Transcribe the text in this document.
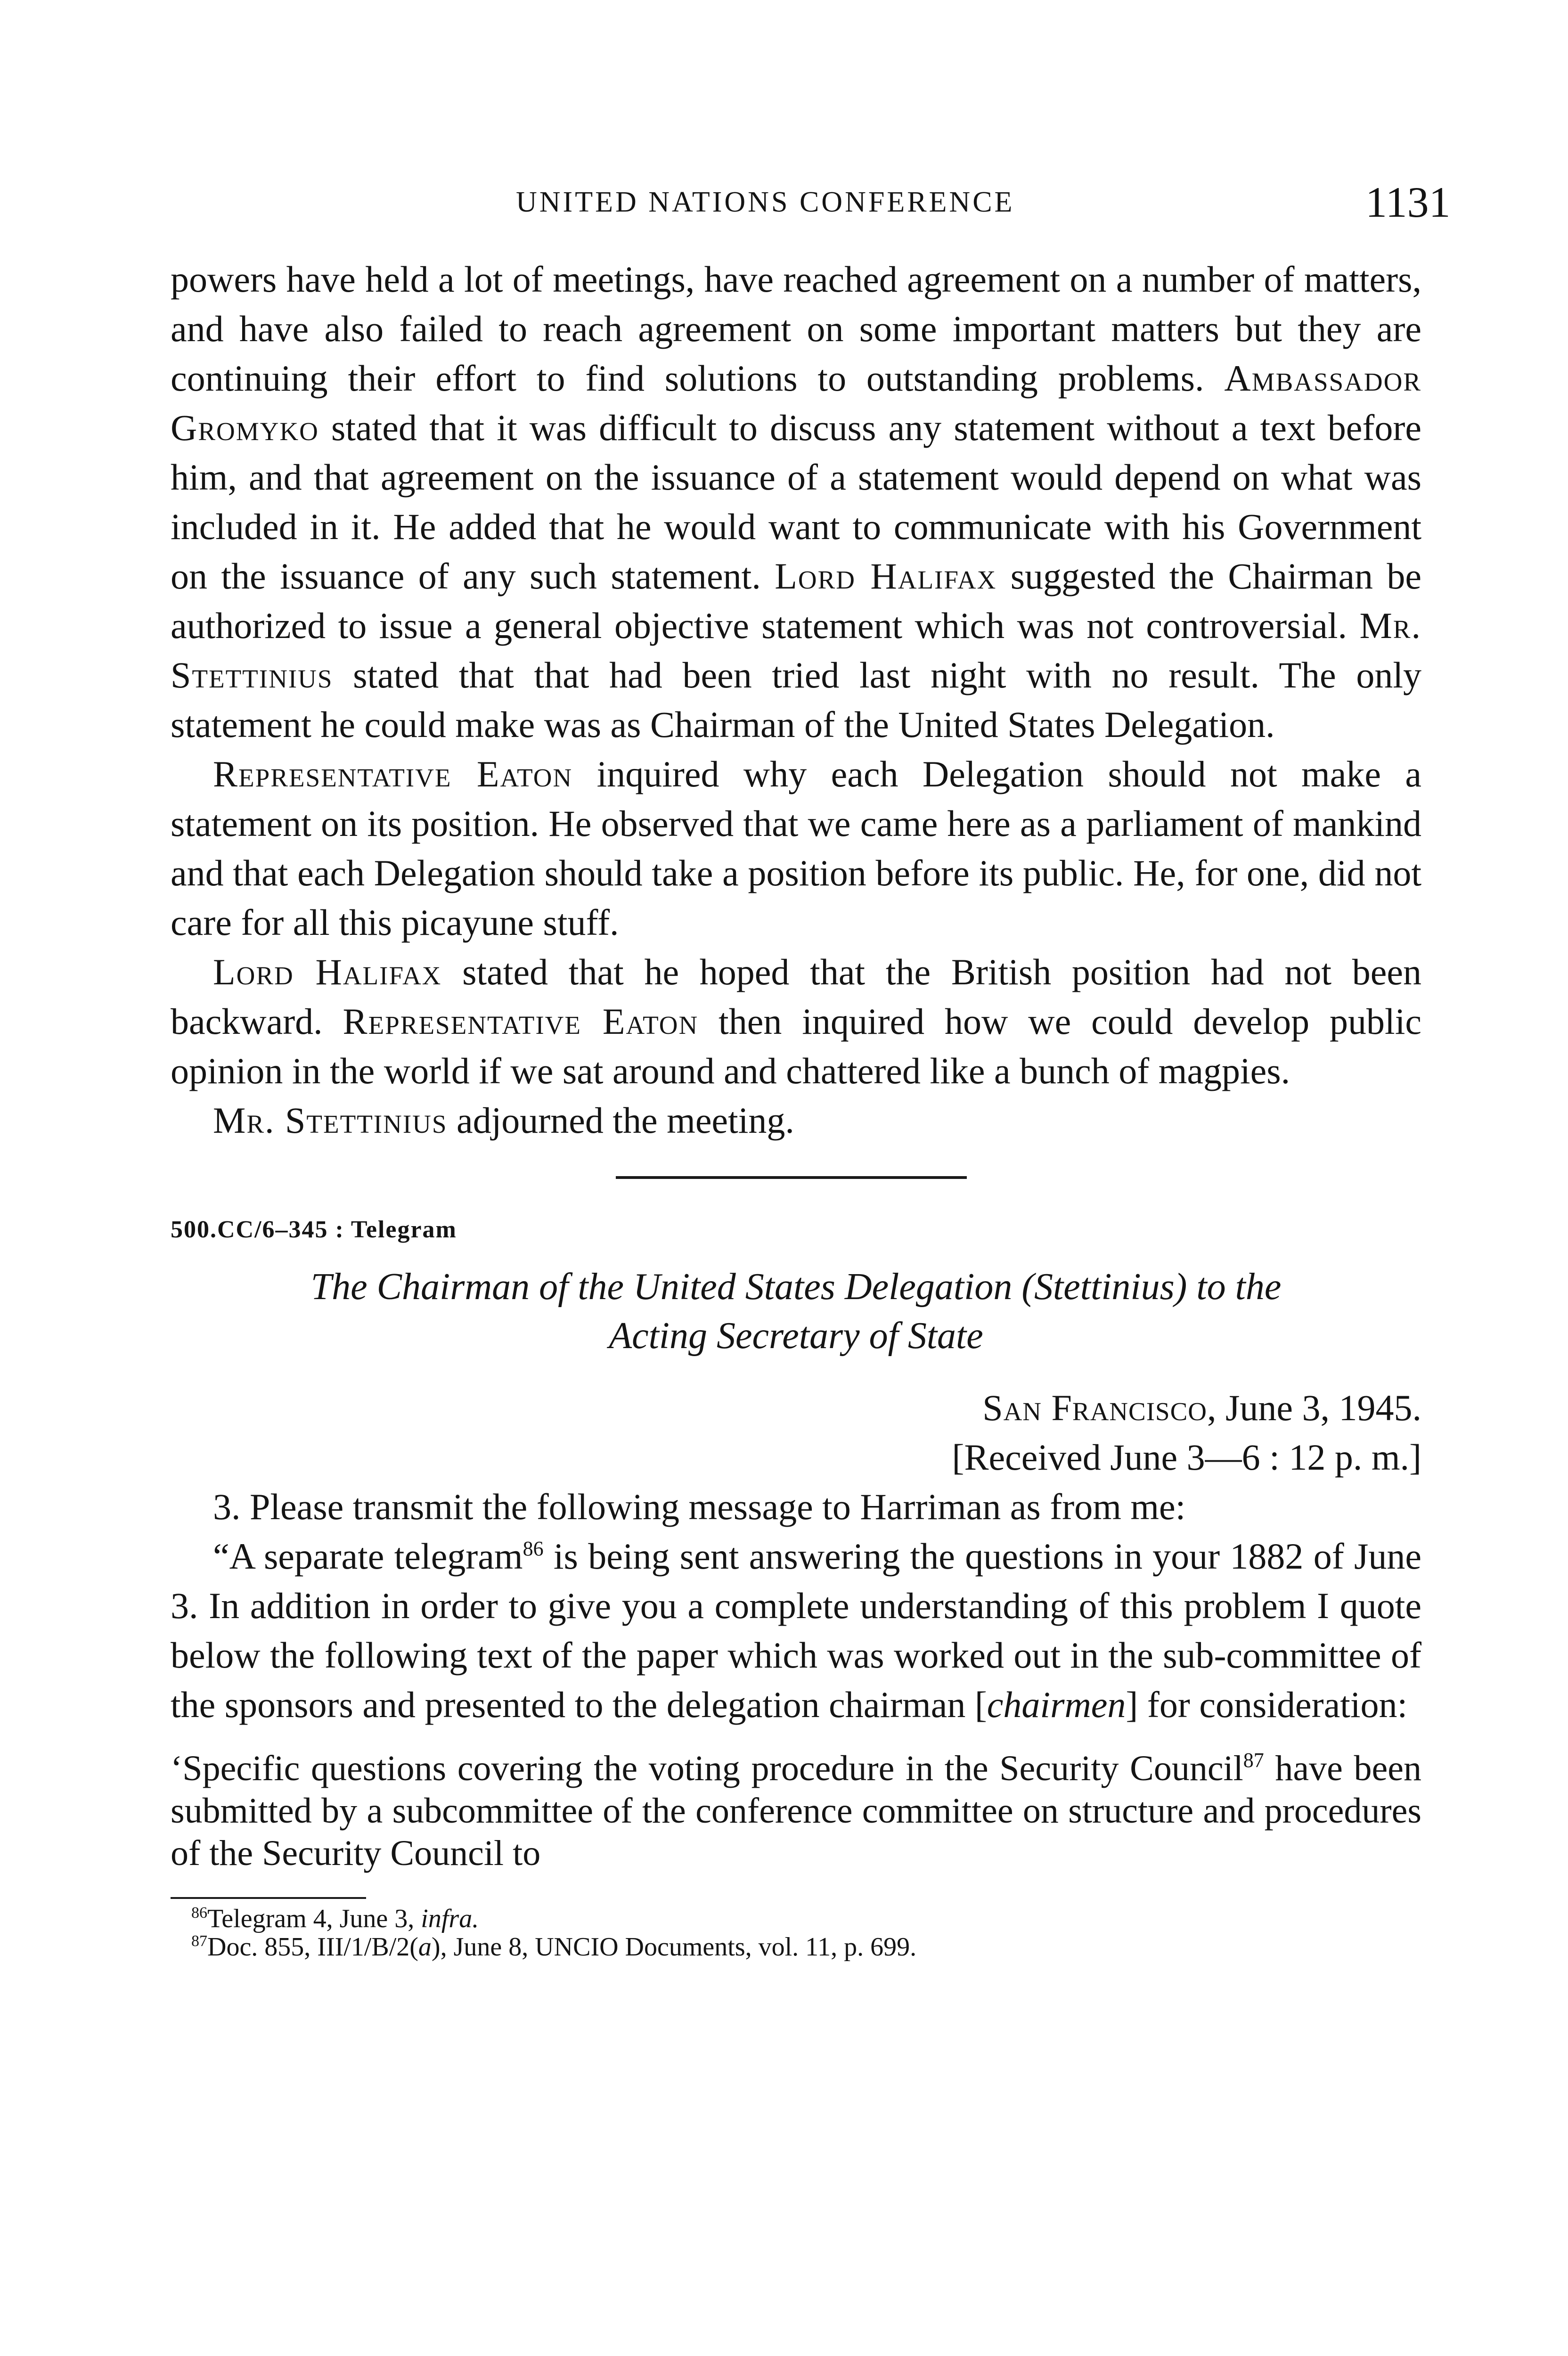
UNITED NATIONS CONFERENCE	1131

powers have held a lot of meetings, have reached agreement on a number of matters, and have also failed to reach agreement on some important matters but they are continuing their effort to find solutions to outstanding problems. Ambassador Gromyko stated that it was difficult to discuss any statement without a text before him, and that agreement on the issuance of a statement would depend on what was included in it. He added that he would want to communicate with his Government on the issuance of any such statement. Lord Halifax suggested the Chairman be authorized to issue a general objective statement which was not controversial. Mr. Stettinius stated that that had been tried last night with no result. The only statement he could make was as Chairman of the United States Delegation.

Representative Eaton inquired why each Delegation should not make a statement on its position. He observed that we came here as a parliament of mankind and that each Delegation should take a position before its public. He, for one, did not care for all this picayune stuff.

Lord Halifax stated that he hoped that the British position had not been backward. Representative Eaton then inquired how we could develop public opinion in the world if we sat around and chattered like a bunch of magpies.

Mr. Stettinius adjourned the meeting.

500.CC/6–345 : Telegram
The Chairman of the United States Delegation (Stettinius) to the
Acting Secretary of State
San Francisco, June 3, 1945.
[Received June 3—6 : 12 p. m.]

3. Please transmit the following message to Harriman as from me:

“A separate telegram$^{86}$ is being sent answering the questions in your 1882 of June 3. In addition in order to give you a complete understanding of this problem I quote below the following text of the paper which was worked out in the sub-committee of the sponsors and presented to the delegation chairman [chairmen] for consideration:

‘Specific questions covering the voting procedure in the Security Council$^{87}$ have been submitted by a subcommittee of the conference committee on structure and procedures of the Security Council to

$^{86}$Telegram 4, June 3, infra.
$^{87}$Doc. 855, III/1/B/2(a), June 8, UNCIO Documents, vol. 11, p. 699.
